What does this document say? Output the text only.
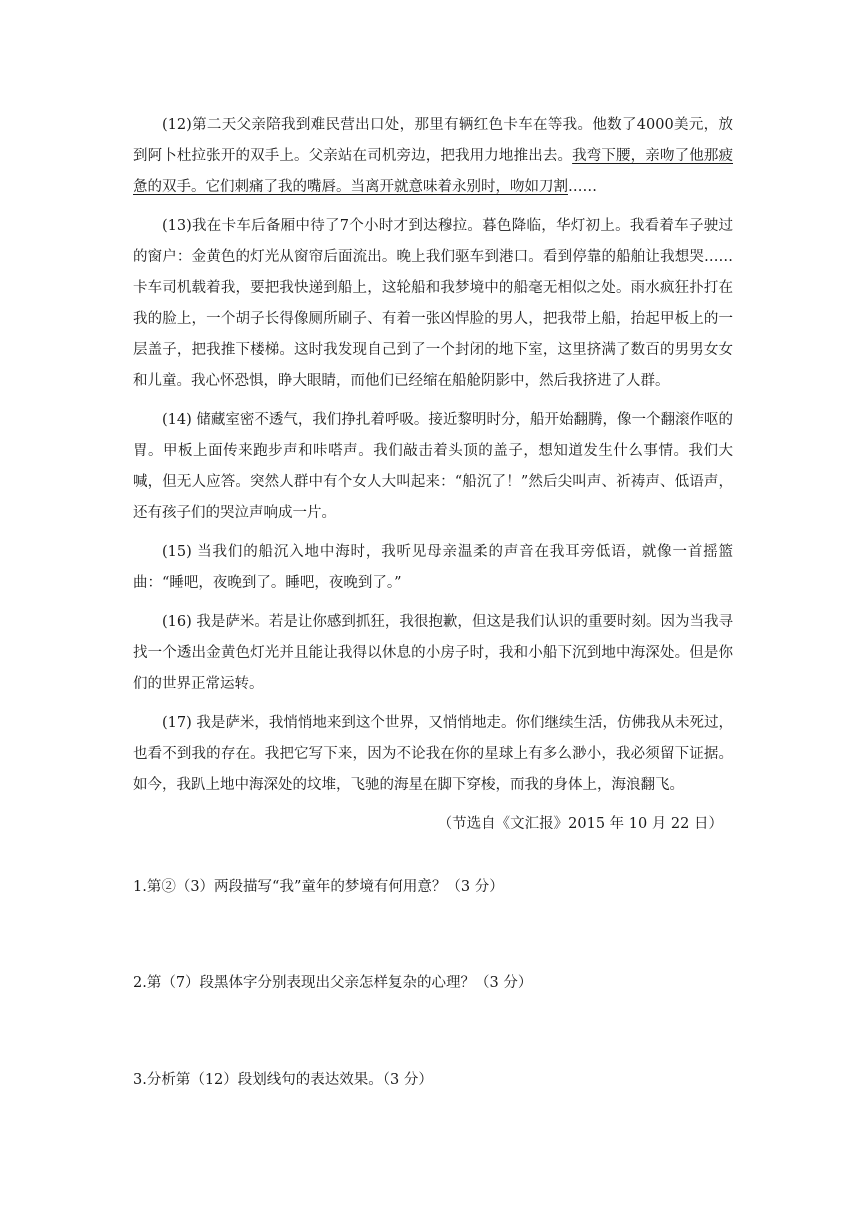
(12)第二天父亲陪我到难民营出口处，那里有辆红色卡车在等我。他数了4000美元，放到阿卜杜拉张开的双手上。父亲站在司机旁边，把我用力地推出去。我弯下腰，亲吻了他那疲惫的双手。它们刺痛了我的嘴唇。当离开就意味着永别时，吻如刀割……

(13)我在卡车后备厢中待了7个小时才到达穆拉。暮色降临，华灯初上。我看着车子驶过的窗户：金黄色的灯光从窗帘后面流出。晚上我们驱车到港口。看到停靠的船舶让我想哭……卡车司机载着我，要把我快递到船上，这轮船和我梦境中的船毫无相似之处。雨水疯狂扑打在我的脸上，一个胡子长得像厕所刷子、有着一张凶悍脸的男人，把我带上船，抬起甲板上的一层盖子，把我推下楼梯。这时我发现自己到了一个封闭的地下室，这里挤满了数百的男男女女和儿童。我心怀恐惧，睁大眼睛，而他们已经缩在船舱阴影中，然后我挤进了人群。

(14) 储藏室密不透气，我们挣扎着呼吸。接近黎明时分，船开始翻腾，像一个翻滚作呕的胃。甲板上面传来跑步声和咔嗒声。我们敲击着头顶的盖子，想知道发生什么事情。我们大喊，但无人应答。突然人群中有个女人大叫起来：“船沉了！”然后尖叫声、祈祷声、低语声，还有孩子们的哭泣声响成一片。

(15) 当我们的船沉入地中海时，我听见母亲温柔的声音在我耳旁低语，就像一首摇篮曲：“睡吧，夜晚到了。睡吧，夜晚到了。”

(16) 我是萨米。若是让你感到抓狂，我很抱歉，但这是我们认识的重要时刻。因为当我寻找一个透出金黄色灯光并且能让我得以休息的小房子时，我和小船下沉到地中海深处。但是你们的世界正常运转。

(17) 我是萨米，我悄悄地来到这个世界，又悄悄地走。你们继续生活，仿佛我从未死过，也看不到我的存在。我把它写下来，因为不论我在你的星球上有多么渺小，我必须留下证据。如今，我趴上地中海深处的坟堆，飞驰的海星在脚下穿梭，而我的身体上，海浪翻飞。

（节选自《文汇报》2015 年 10 月 22 日）

1.第②（3）两段描写“我”童年的梦境有何用意？（3 分）

2.第（7）段黑体字分别表现出父亲怎样复杂的心理？（3 分）

3.分析第（12）段划线句的表达效果。（3 分）
